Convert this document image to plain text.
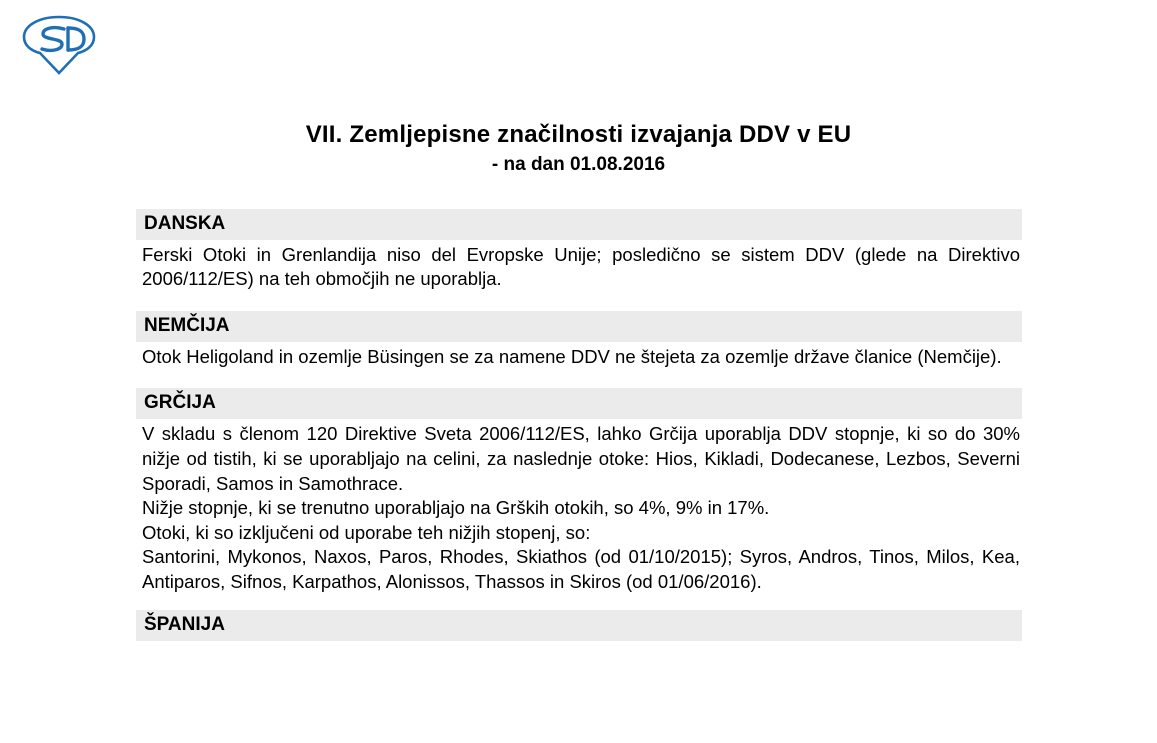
VII. Zemljepisne značilnosti izvajanja DDV v EU
- na dan 01.08.2016
DANSKA

Ferski Otoki in Grenlandija niso del Evropske Unije; posledično se sistem DDV (glede na Direktivo 2006/112/ES) na teh območjih ne uporablja.

NEMČIJA

Otok Heligoland in ozemlje Büsingen se za namene DDV ne štejeta za ozemlje države članice (Nemčije).

GRČIJA

V skladu s členom 120 Direktive Sveta 2006/112/ES, lahko Grčija uporablja DDV stopnje, ki so do 30% nižje od tistih, ki se uporabljajo na celini, za naslednje otoke: Hios, Kikladi, Dodecanese, Lezbos, Severni Sporadi, Samos in Samothrace.

Nižje stopnje, ki se trenutno uporabljajo na Grških otokih, so 4%, 9% in 17%.

Otoki, ki so izključeni od uporabe teh nižjih stopenj, so:

Santorini, Mykonos, Naxos, Paros, Rhodes, Skiathos (od 01/10/2015); Syros, Andros, Tinos, Milos, Kea, Antiparos, Sifnos, Karpathos, Alonissos, Thassos in Skiros (od 01/06/2016).

ŠPANIJA
